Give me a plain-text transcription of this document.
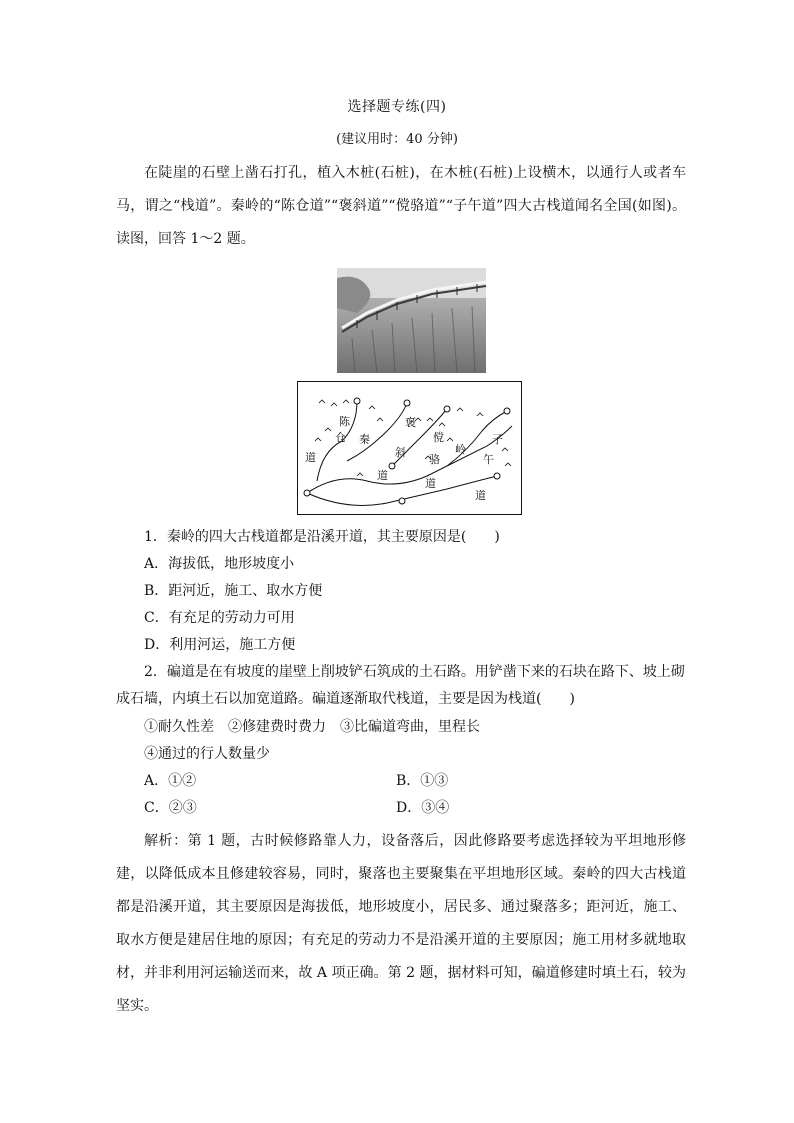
选择题专练(四)
(建议用时：40 分钟)
在陡崖的石壁上凿石打孔，植入木桩(石桩)，在木桩(石桩)上设横木，以通行人或者车马，谓之“栈道”。秦岭的“陈仓道”“褒斜道”“傥骆道”“子午道”四大古栈道闻名全国(如图)。读图，回答 1～2 题。
陈
仓
道
秦
褒
斜
道
傥
骆
道
岭
子
午
道
1．秦岭的四大古栈道都是沿溪开道，其主要原因是(　　)
A．海拔低，地形坡度小
B．距河近，施工、取水方便
C．有充足的劳动力可用
D．利用河运，施工方便
2．碥道是在有坡度的崖壁上削坡铲石筑成的土石路。用铲凿下来的石块在路下、坡上砌
成石墙，内填土石以加宽道路。碥道逐渐取代栈道，主要是因为栈道(　　)
①耐久性差　②修建费时费力　③比碥道弯曲，里程长
④通过的行人数量少
A．①②	B．①③
C．②③	D．③④
解析：第 1 题，古时候修路靠人力，设备落后，因此修路要考虑选择较为平坦地形修建，以降低成本且修建较容易，同时，聚落也主要聚集在平坦地形区域。秦岭的四大古栈道都是沿溪开道，其主要原因是海拔低，地形坡度小，居民多、通过聚落多；距河近，施工、取水方便是建居住地的原因；有充足的劳动力不是沿溪开道的主要原因；施工用材多就地取材，并非利用河运输送而来，故 A 项正确。第 2 题，据材料可知，碥道修建时填土石，较为坚实。
